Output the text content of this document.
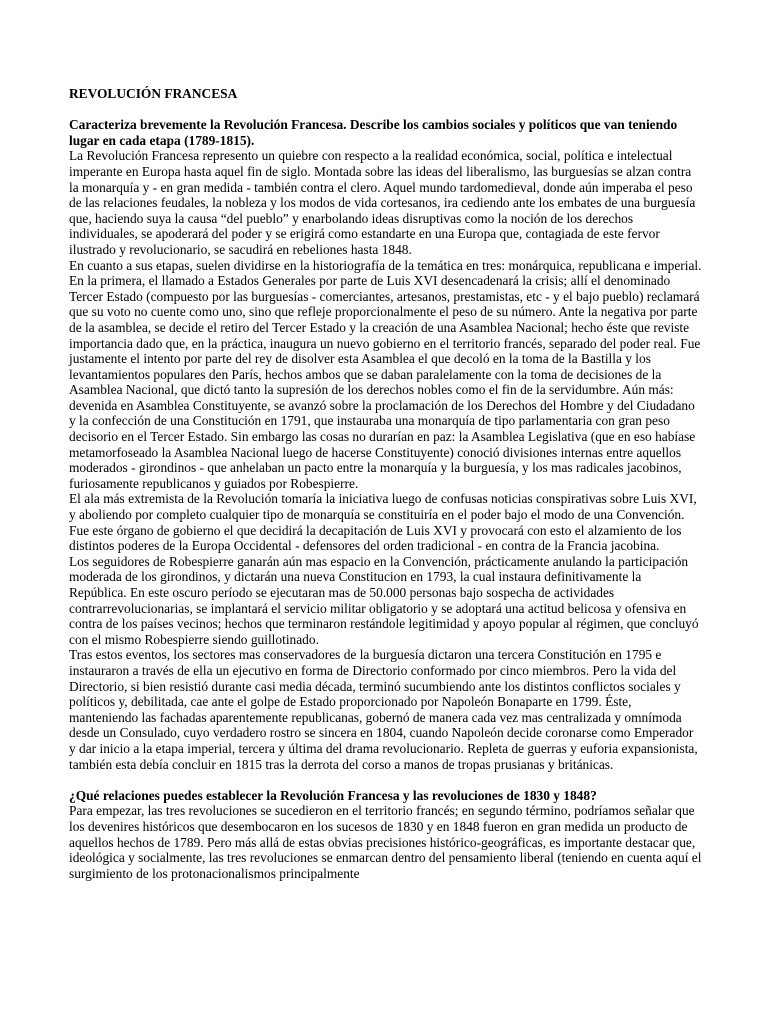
REVOLUCIÓN FRANCESA

Caracteriza brevemente la Revolución Francesa. Describe los cambios sociales y políticos que van teniendo lugar en cada etapa (1789-1815).

La Revolución Francesa represento un quiebre con respecto a la realidad económica, social, política e intelectual imperante en Europa hasta aquel fin de siglo. Montada sobre las ideas del liberalismo, las burguesías se alzan contra la monarquía y - en gran medida - también contra el clero. Aquel mundo tardomedieval, donde aún imperaba el peso de las relaciones feudales, la nobleza y los modos de vida cortesanos, ira cediendo ante los embates de una burguesía que, haciendo suya la causa “del pueblo” y enarbolando ideas disruptivas como la noción de los derechos individuales, se apoderará del poder y se erigirá como estandarte en una Europa que, contagiada de este fervor ilustrado y revolucionario, se sacudirá en rebeliones hasta 1848.

En cuanto a sus etapas, suelen dividirse en la historiografía de la temática en tres: monárquica, republicana e imperial. En la primera, el llamado a Estados Generales por parte de Luis XVI desencadenará la crisis; allí el denominado Tercer Estado (compuesto por las burguesías - comerciantes, artesanos, prestamistas, etc - y el bajo pueblo) reclamará que su voto no cuente como uno, sino que refleje proporcionalmente el peso de su número. Ante la negativa por parte de la asamblea, se decide el retiro del Tercer Estado y la creación de una Asamblea Nacional; hecho éste que reviste importancia dado que, en la práctica, inaugura un nuevo gobierno en el territorio francés, separado del poder real. Fue justamente el intento por parte del rey de disolver esta Asamblea el que decoló en la toma de la Bastilla y los levantamientos populares den París, hechos ambos que se daban paralelamente con la toma de decisiones de la Asamblea Nacional, que dictó tanto la supresión de los derechos nobles como el fin de la servidumbre. Aún más: devenida en Asamblea Constituyente, se avanzó sobre la proclamación de los Derechos del Hombre y del Ciudadano y la confección de una Constitución en 1791, que instauraba una monarquía de tipo parlamentaria con gran peso decisorio en el Tercer Estado. Sin embargo las cosas no durarían en paz: la Asamblea Legislativa (que en eso habíase metamorfoseado la Asamblea Nacional luego de hacerse Constituyente) conoció divisiones internas entre aquellos moderados - girondinos - que anhelaban un pacto entre la monarquía y la burguesía, y los mas radicales jacobinos, furiosamente republicanos y guiados por Robespierre.

El ala más extremista de la Revolución tomaría la iniciativa luego de confusas noticias conspirativas sobre Luis XVI, y aboliendo por completo cualquier tipo de monarquía se constituiría en el poder bajo el modo de una Convención. Fue este órgano de gobierno el que decidirá la decapitación de Luis XVI y provocará con esto el alzamiento de los distintos poderes de la Europa Occidental - defensores del orden tradicional - en contra de la Francia jacobina.

Los seguidores de Robespierre ganarán aún mas espacio en la Convención, prácticamente anulando la participación moderada de los girondinos, y dictarán una nueva Constitucion en 1793, la cual instaura definitivamente la República. En este oscuro período se ejecutaran mas de 50.000 personas bajo sospecha de actividades contrarrevolucionarias, se implantará el servicio militar obligatorio y se adoptará una actitud belicosa y ofensiva en contra de los países vecinos; hechos que terminaron restándole legitimidad y apoyo popular al régimen, que concluyó con el mismo Robespierre siendo guillotinado.

Tras estos eventos, los sectores mas conservadores de la burguesía dictaron una tercera Constitución en 1795 e instauraron a través de ella un ejecutivo en forma de Directorio conformado por cinco miembros. Pero la vida del Directorio, si bien resistió durante casi media década, terminó sucumbiendo ante los distintos conflictos sociales y políticos y, debilitada, cae ante el golpe de Estado proporcionado por Napoleón Bonaparte en 1799. Éste, manteniendo las fachadas aparentemente republicanas, gobernó de manera cada vez mas centralizada y omnímoda desde un Consulado, cuyo verdadero rostro se sincera en 1804, cuando Napoleón decide coronarse como Emperador y dar inicio a la etapa imperial, tercera y última del drama revolucionario. Repleta de guerras y euforia expansionista, también esta debía concluir en 1815 tras la derrota del corso a manos de tropas prusianas y británicas.

¿Qué relaciones puedes establecer la Revolución Francesa y las revoluciones de 1830 y 1848?

Para empezar, las tres revoluciones se sucedieron en el territorio francés; en segundo término, podríamos señalar que los devenires históricos que desembocaron en los sucesos de 1830 y en 1848 fueron en gran medida un producto de aquellos hechos de 1789. Pero más allá de estas obvias precisiones histórico-geográficas, es importante destacar que, ideológica y socialmente, las tres revoluciones se enmarcan dentro del pensamiento liberal (teniendo en cuenta aquí el surgimiento de los protonacionalismos principalmente
